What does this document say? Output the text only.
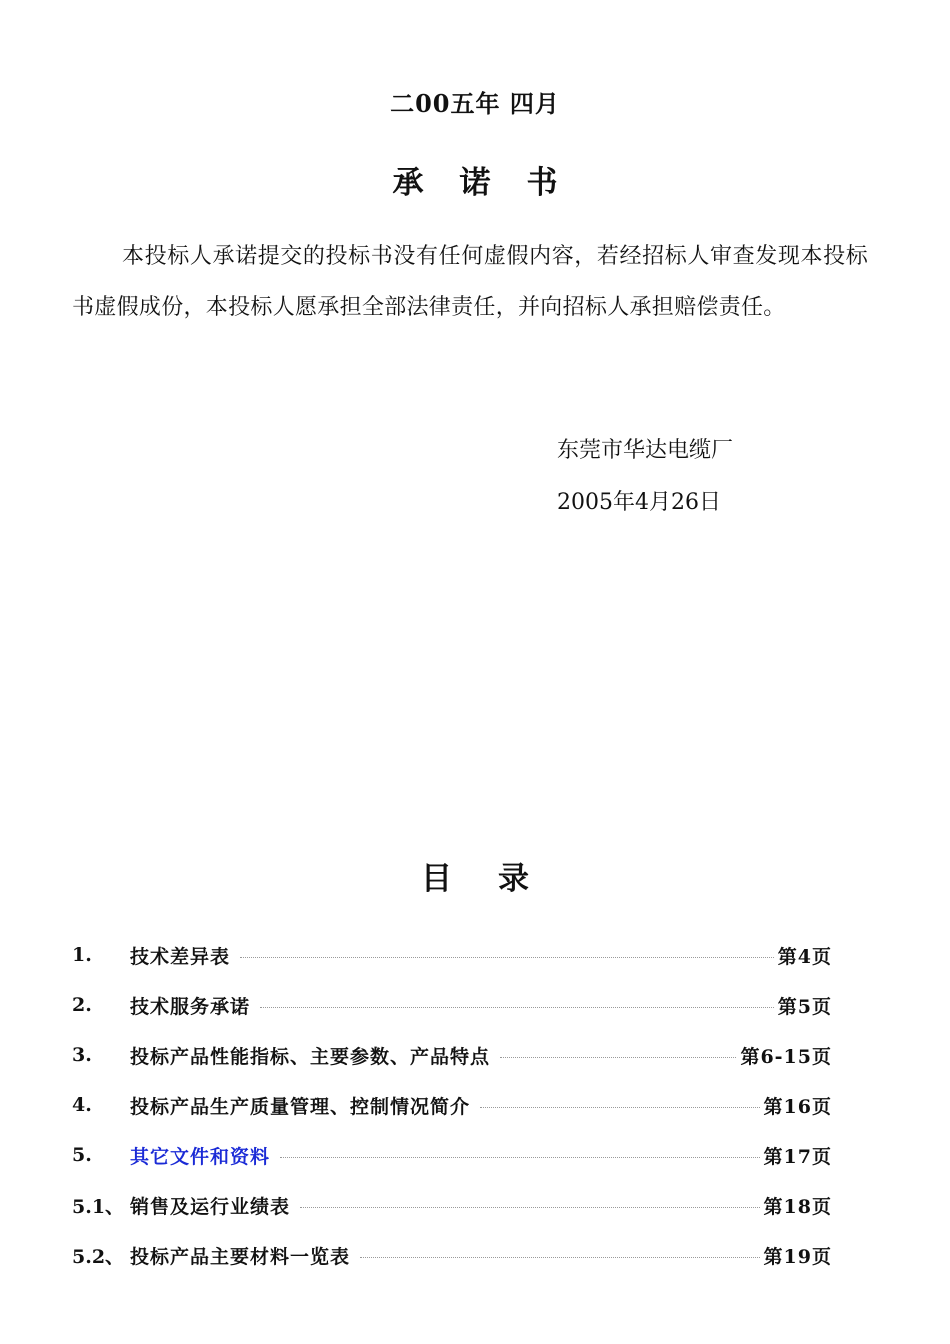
二00五年 四月
承诺书
本投标人承诺提交的投标书没有任何虚假内容，若经招标人审查发现本投标书虚假成份，本投标人愿承担全部法律责任，并向招标人承担赔偿责任。
东莞市华达电缆厂
2005年4月26日
目录
1.	技术差异表	第4页
2.	技术服务承诺	第5页
3.	投标产品性能指标、主要参数、产品特点	第6-15页
4.	投标产品生产质量管理、控制情况简介	第16页
5.	其它文件和资料	第17页
5.1、 销售及运行业绩表	第18页
5.2、 投标产品主要材料一览表	第19页
